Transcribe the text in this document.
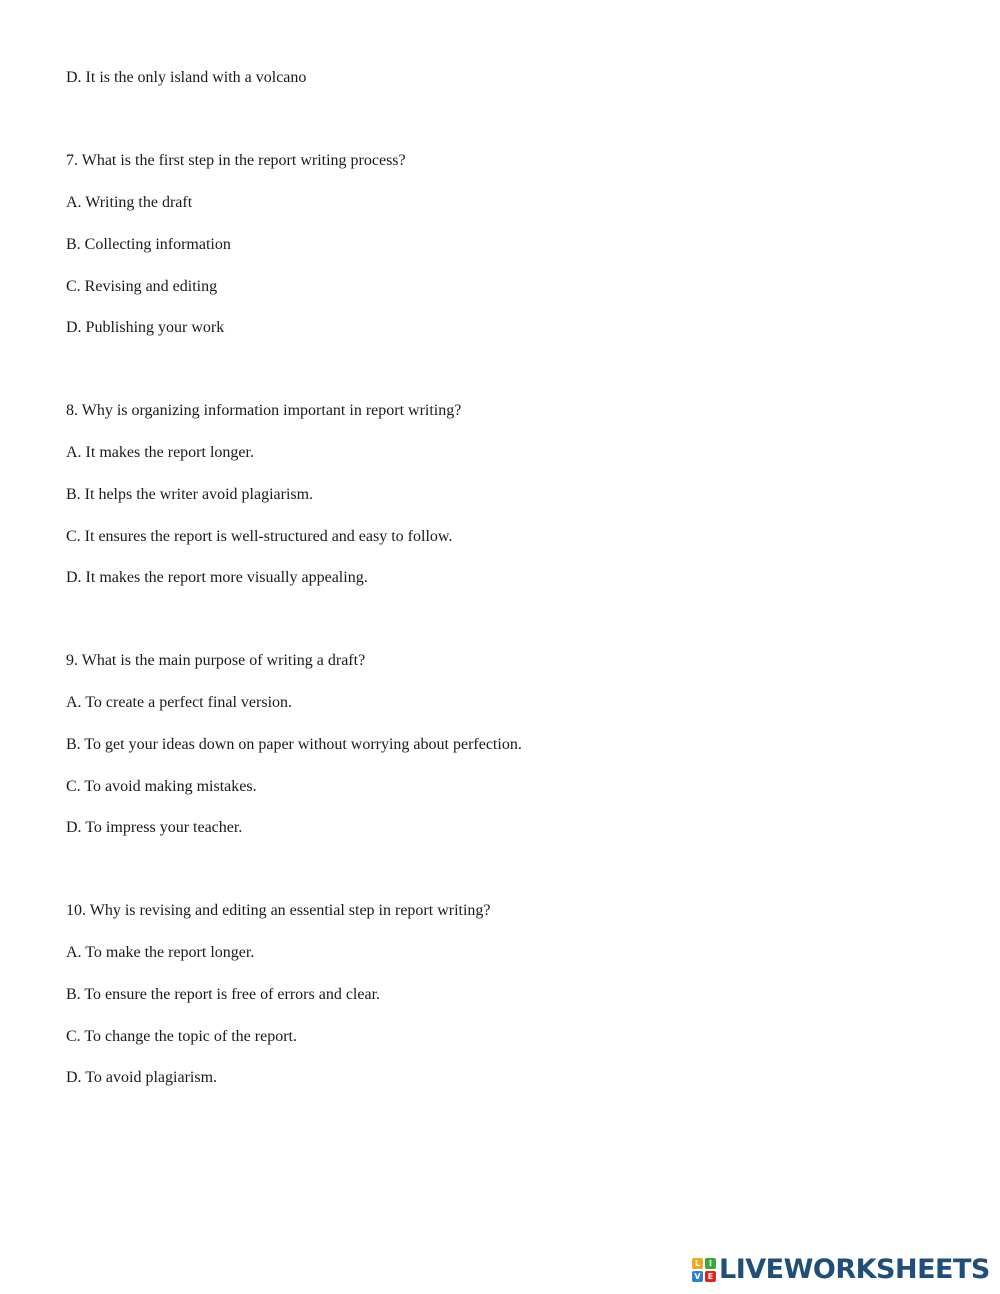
D. It is the only island with a volcano
7. What is the first step in the report writing process?
A. Writing the draft
B. Collecting information
C. Revising and editing
D. Publishing your work
8. Why is organizing information important in report writing?
A. It makes the report longer.
B. It helps the writer avoid plagiarism.
C. It ensures the report is well-structured and easy to follow.
D. It makes the report more visually appealing.
9. What is the main purpose of writing a draft?
A. To create a perfect final version.
B. To get your ideas down on paper without worrying about perfection.
C. To avoid making mistakes.
D. To impress your teacher.
10. Why is revising and editing an essential step in report writing?
A. To make the report longer.
B. To ensure the report is free of errors and clear.
C. To change the topic of the report.
D. To avoid plagiarism.
L	I
V E LIVEWORKSHEETS
